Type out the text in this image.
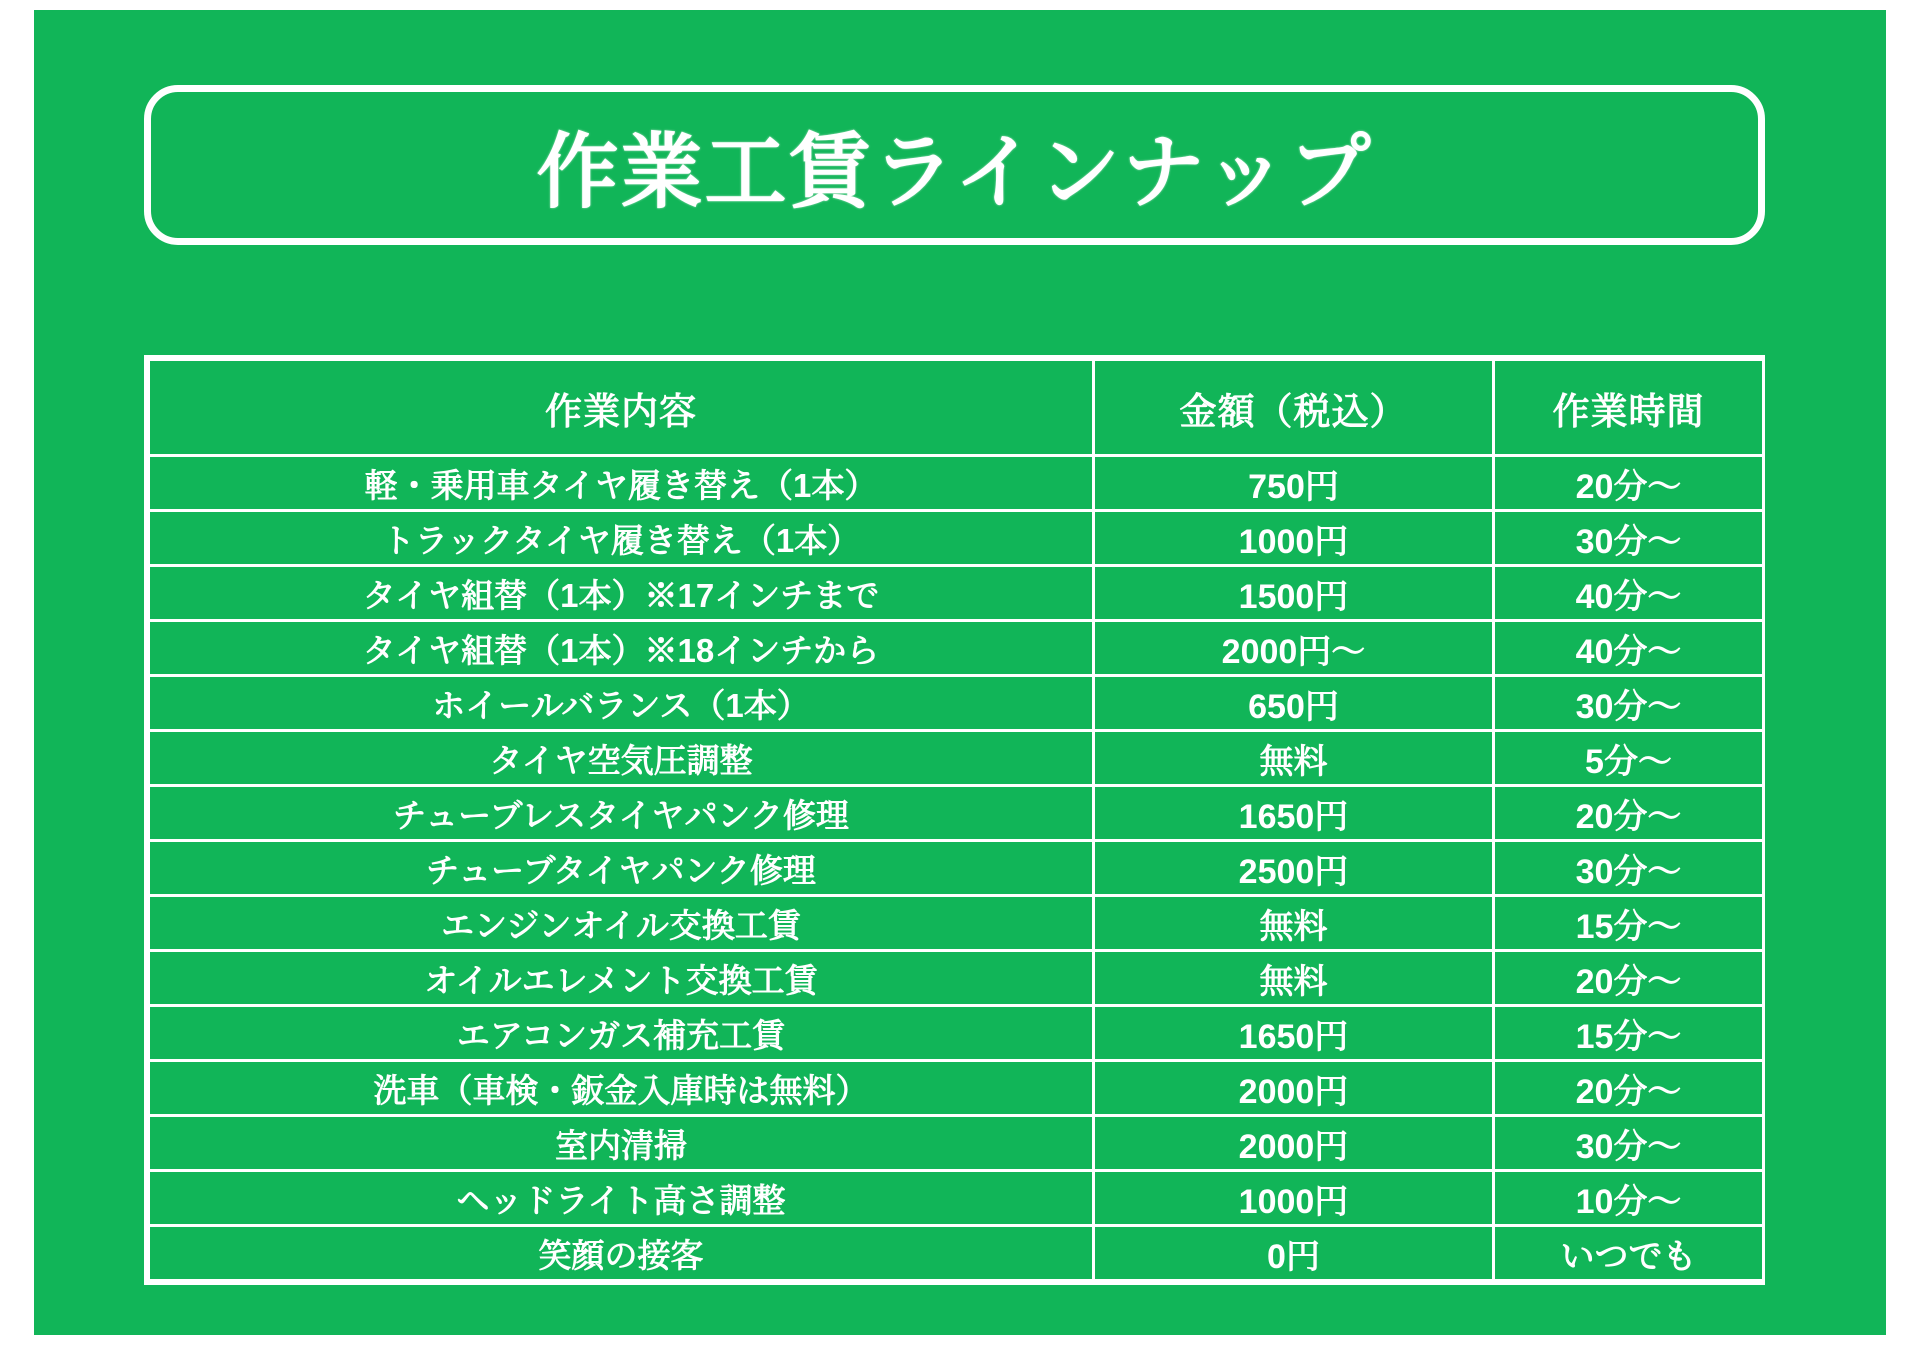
作業工賃ラインナップ
作業内容	金額（税込）	作業時間
軽・乗用車タイヤ履き替え（1本）	750円	20分〜
トラックタイヤ履き替え（1本）	1000円	30分〜
タイヤ組替（1本）※17インチまで	1500円	40分〜
タイヤ組替（1本）※18インチから	2000円〜	40分〜
ホイールバランス（1本）	650円	30分〜
タイヤ空気圧調整	無料	5分〜
チューブレスタイヤパンク修理	1650円	20分〜
チューブタイヤパンク修理	2500円	30分〜
エンジンオイル交換工賃	無料	15分〜
オイルエレメント交換工賃	無料	20分〜
エアコンガス補充工賃	1650円	15分〜
洗車（車検・鈑金入庫時は無料）	2000円	20分〜
室内清掃	2000円	30分〜
ヘッドライト高さ調整	1000円	10分〜
笑顔の接客	0円	いつでも
